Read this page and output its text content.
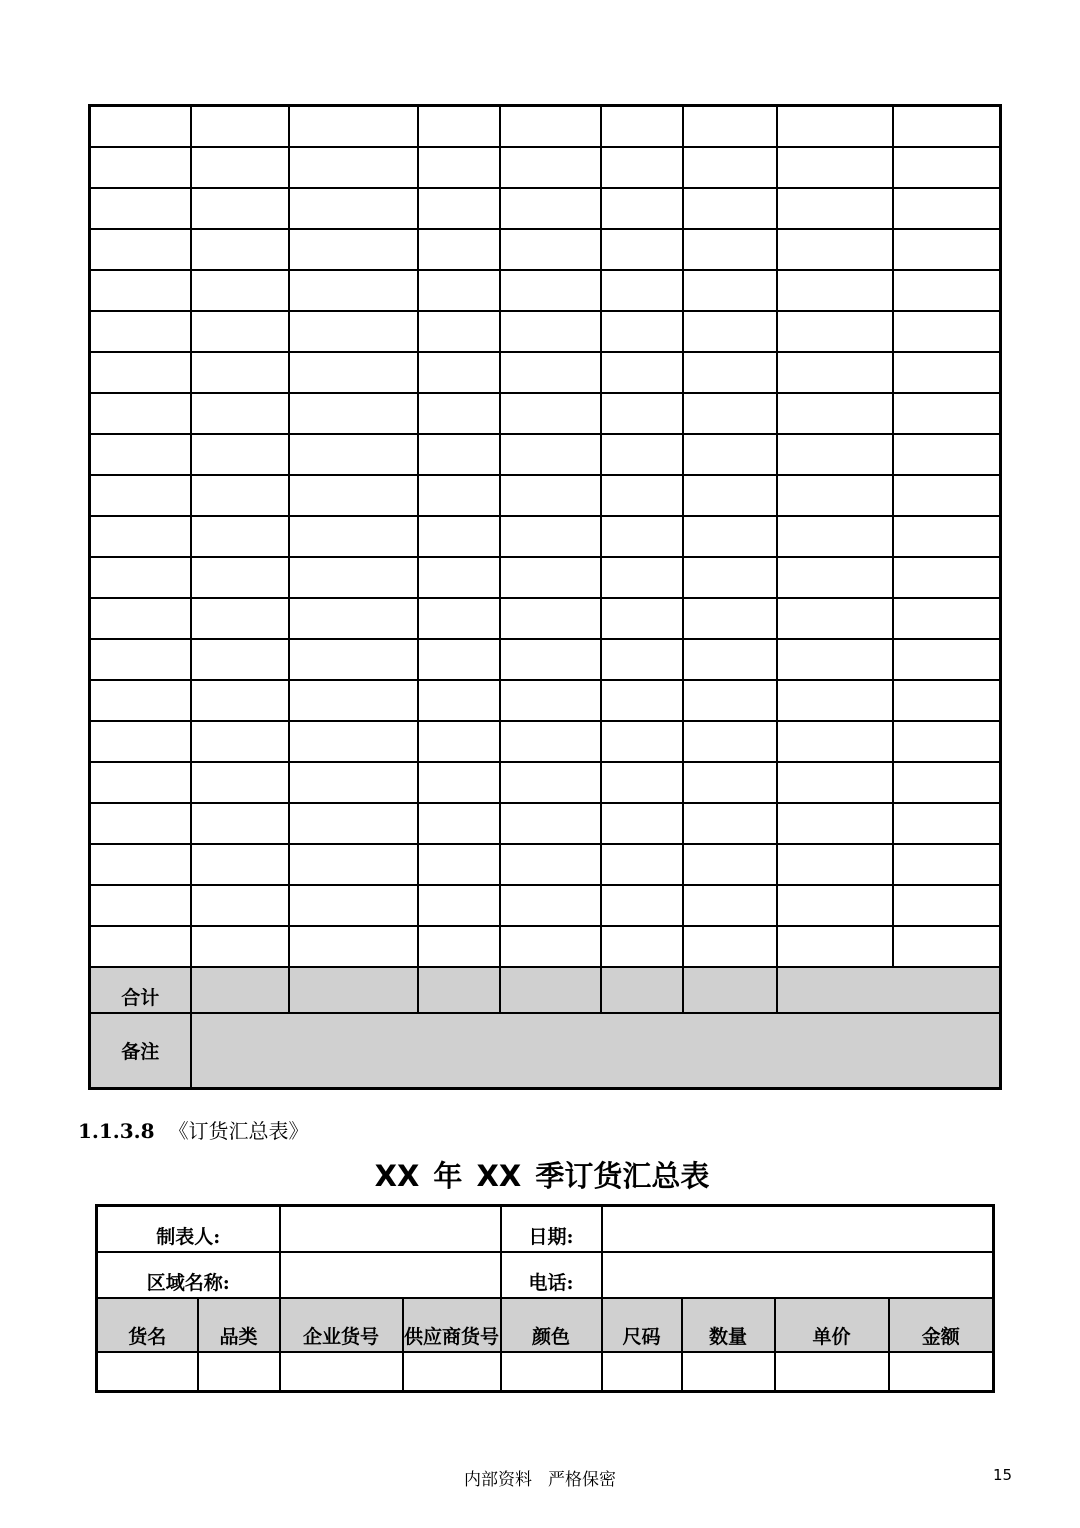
合计								
备注								
1.1.3.8 《订货汇总表》
XX 年 XX 季订货汇总表
制表人:				日期:				
区域名称:				电话:				
货名	品类	企业货号	供应商货号	颜色	尺码	数量	单价	金额

内部资料 严格保密	15
